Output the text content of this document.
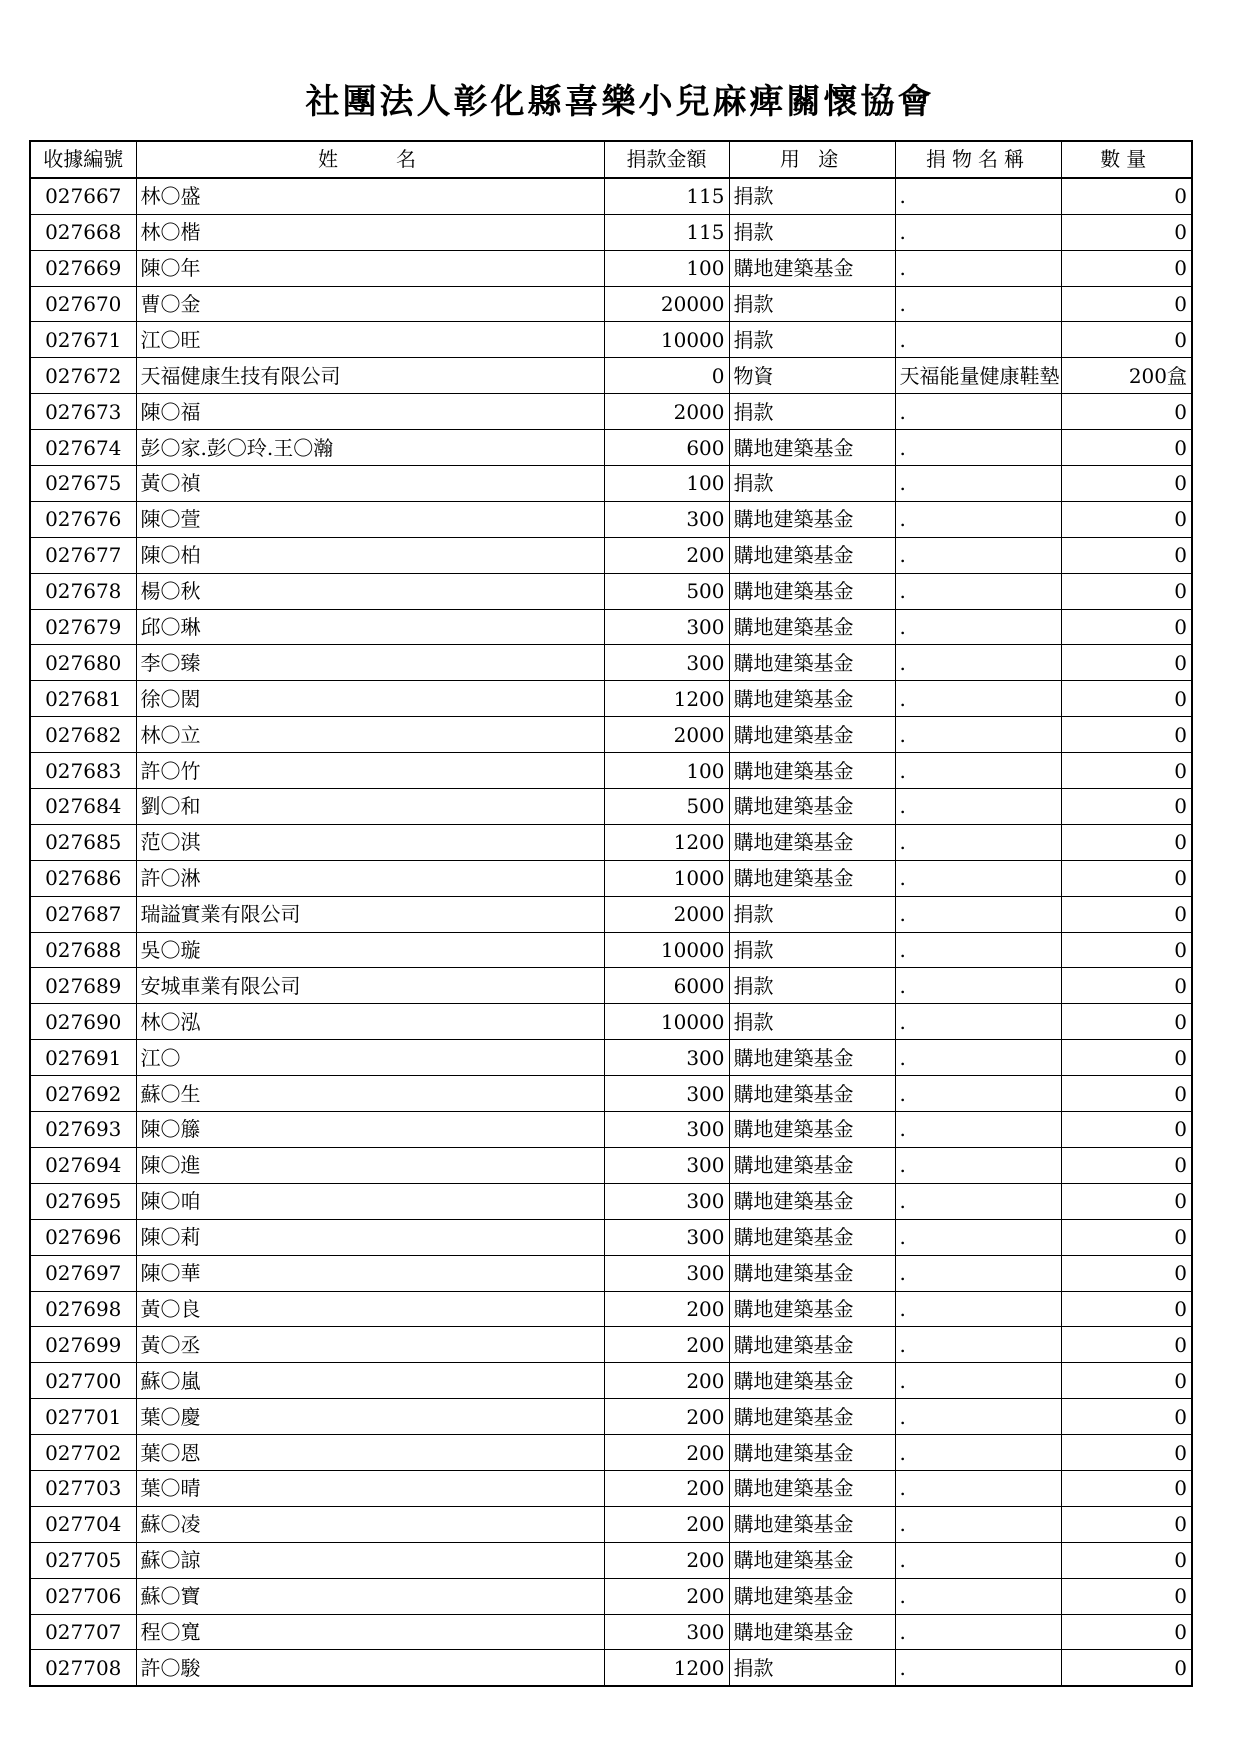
社團法人彰化縣喜樂小兒麻痺關懷協會
收據編號	姓　　名	捐款金額	用 途	捐物名稱	數量
027667	林〇盛	115	捐款	.	0
027668	林〇楷	115	捐款	.	0
027669	陳〇年	100	購地建築基金	.	0
027670	曹〇金	20000	捐款	.	0
027671	江〇旺	10000	捐款	.	0
027672	天福健康生技有限公司	0	物資	天福能量健康鞋墊	200盒
027673	陳〇福	2000	捐款	.	0
027674	彭〇家.彭〇玲.王〇瀚	600	購地建築基金	.	0
027675	黃〇禎	100	捐款	.	0
027676	陳〇萱	300	購地建築基金	.	0
027677	陳〇柏	200	購地建築基金	.	0
027678	楊〇秋	500	購地建築基金	.	0
027679	邱〇琳	300	購地建築基金	.	0
027680	李〇臻	300	購地建築基金	.	0
027681	徐〇閎	1200	購地建築基金	.	0
027682	林〇立	2000	購地建築基金	.	0
027683	許〇竹	100	購地建築基金	.	0
027684	劉〇和	500	購地建築基金	.	0
027685	范〇淇	1200	購地建築基金	.	0
027686	許〇淋	1000	購地建築基金	.	0
027687	瑞謚實業有限公司	2000	捐款	.	0
027688	吳〇璇	10000	捐款	.	0
027689	安城車業有限公司	6000	捐款	.	0
027690	林〇泓	10000	捐款	.	0
027691	江〇	300	購地建築基金	.	0
027692	蘇〇生	300	購地建築基金	.	0
027693	陳〇籐	300	購地建築基金	.	0
027694	陳〇進	300	購地建築基金	.	0
027695	陳〇咱	300	購地建築基金	.	0
027696	陳〇莉	300	購地建築基金	.	0
027697	陳〇華	300	購地建築基金	.	0
027698	黃〇良	200	購地建築基金	.	0
027699	黃〇丞	200	購地建築基金	.	0
027700	蘇〇嵐	200	購地建築基金	.	0
027701	葉〇慶	200	購地建築基金	.	0
027702	葉〇恩	200	購地建築基金	.	0
027703	葉〇晴	200	購地建築基金	.	0
027704	蘇〇凌	200	購地建築基金	.	0
027705	蘇〇諒	200	購地建築基金	.	0
027706	蘇〇寶	200	購地建築基金	.	0
027707	程〇寬	300	購地建築基金	.	0
027708	許〇駿	1200	捐款	.	0
